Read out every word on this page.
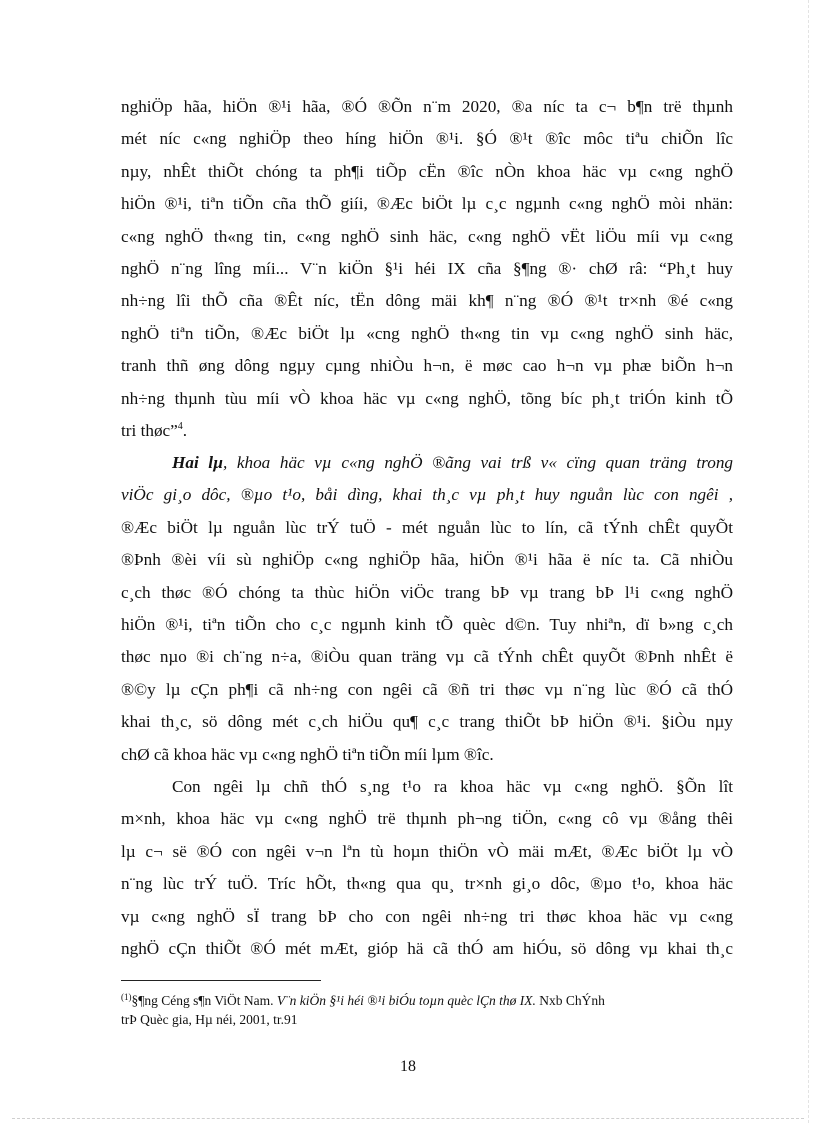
nghiÖp hãa, hiÖn ®¹i hãa, ®Ó ®Õn n¨m 2020, ®a níc ta c¬ b¶n trë thµnh
mét níc c«ng nghiÖp theo híng hiÖn ®¹i. §Ó ®¹t ®îc môc tiªu chiÕn lîc
nµy, nhÊt thiÕt chóng ta ph¶i tiÕp cËn ®îc nÒn khoa häc vµ c«ng nghÖ
hiÖn ®¹i, tiªn tiÕn cña thÕ giíi, ®Æc biÖt lµ c¸c ngµnh c«ng nghÖ mòi nhän:
c«ng nghÖ th«ng tin, c«ng nghÖ sinh häc, c«ng nghÖ vËt liÖu míi vµ c«ng
nghÖ n¨ng lîng míi... V¨n kiÖn §¹i héi IX cña §¶ng ®· chØ râ: “Ph¸t huy
nh÷ng lîi thÕ cña ®Êt níc, tËn dông mäi kh¶ n¨ng ®Ó ®¹t tr×nh ®é c«ng
nghÖ tiªn tiÕn, ®Æc biÖt lµ «cng nghÖ th«ng tin vµ c«ng nghÖ sinh häc,
tranh thñ øng dông ngµy cµng nhiÒu h¬n, ë møc cao h¬n vµ phæ biÕn h¬n
nh÷ng thµnh tùu míi vÒ khoa häc vµ c«ng nghÖ, tõng bíc ph¸t triÓn kinh tÕ
tri thøc”$^4$.
Hai lµ, khoa häc vµ c«ng nghÖ ®ãng vai trß v« cïng quan träng trong
viÖc gi¸o dôc, ®µo t¹o, båi dìng, khai th¸c vµ ph¸t huy nguån lùc con ngêi ,
®Æc biÖt lµ nguån lùc trÝ tuÖ - mét nguån lùc to lín, cã tÝnh chÊt quyÕt
®Þnh ®èi víi sù nghiÖp c«ng nghiÖp hãa, hiÖn ®¹i hãa ë níc ta. Cã nhiÒu
c¸ch thøc ®Ó chóng ta thùc hiÖn viÖc trang bÞ vµ trang bÞ l¹i c«ng nghÖ
hiÖn ®¹i, tiªn tiÕn cho c¸c ngµnh kinh tÕ quèc d©n. Tuy nhiªn, dï b»ng c¸ch
thøc nµo ®i ch¨ng n÷a, ®iÒu quan träng vµ cã tÝnh chÊt quyÕt ®Þnh nhÊt ë
®©y lµ cÇn ph¶i cã nh÷ng con ngêi cã ®ñ tri thøc vµ n¨ng lùc ®Ó cã thÓ
khai th¸c, sö dông mét c¸ch hiÖu qu¶ c¸c trang thiÕt bÞ hiÖn ®¹i. §iÒu nµy
chØ cã khoa häc vµ c«ng nghÖ tiªn tiÕn míi lµm ®îc.
Con ngêi lµ chñ thÓ s¸ng t¹o ra khoa häc vµ c«ng nghÖ. §Õn lît
m×nh, khoa häc vµ c«ng nghÖ trë thµnh ph¬ng tiÖn, c«ng cô vµ ®ång thêi
lµ c¬ së ®Ó con ngêi v¬n lªn tù hoµn thiÖn vÒ mäi mÆt, ®Æc biÖt lµ vÒ
n¨ng lùc trÝ tuÖ. Tríc hÕt, th«ng qua qu¸ tr×nh gi¸o dôc, ®µo t¹o, khoa häc
vµ c«ng nghÖ sÏ trang bÞ cho con ngêi nh÷ng tri thøc khoa häc vµ c«ng
nghÖ cÇn thiÕt ®Ó mét mÆt, gióp hä cã thÓ am hiÓu, sö dông vµ khai th¸c
$^{(1)}$§¶ng Céng s¶n ViÖt Nam. V¨n kiÖn §¹i héi ®¹i biÓu toµn quèc lÇn thø IX. Nxb ChÝnh
trÞ Quèc gia, Hµ néi, 2001, tr.91
18
